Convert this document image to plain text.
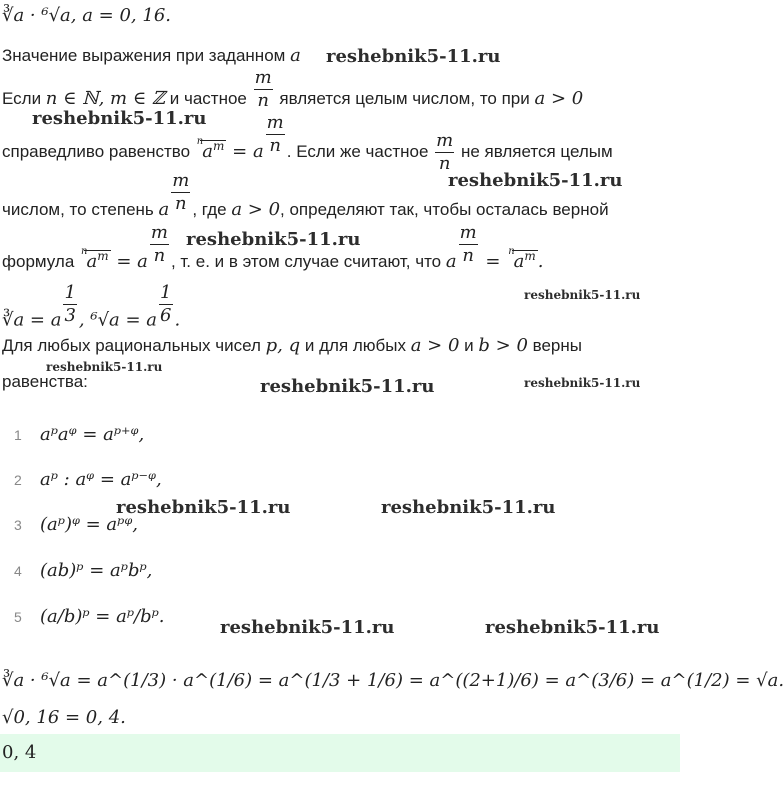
∛a · ⁶√a, a = 0, 16.
Значение выражения при заданном a
Если n ∈ ℕ, m ∈ ℤ и частное $\frac{m}{n}$ является целым числом, то при a > 0
справедливо равенство $^na^m = a \frac{m}{n}$ . Если же частное $\frac{m}{n}$ не является целым
числом, то степень a $\frac{m}{n}$ , где a > 0, определяют так, чтобы осталась верной
формула $^na^m = a \frac{m}{n}$ , т. е. и в этом случае считают, что a $\frac{m}{n} = ^na^m$ .
∛a = a $\frac{1}{3}$ , ⁶√a = a $\frac{1}{6}$ .
Для любых рациональных чисел p, q и для любых a > 0 и b > 0 верны
равенства:
1 aᵖaᵠ = aᵖ⁺ᵠ,
2 aᵖ : aᵠ = aᵖ⁻ᵠ,
3 (aᵖ)ᵠ = aᵖᵠ,
4 (ab)ᵖ = aᵖbᵖ,
5 (a/b)ᵖ = aᵖ/bᵖ.
∛a · ⁶√a = a^(1/3) · a^(1/6) = a^(1/3 + 1/6) = a^((2+1)/6) = a^(3/6) = a^(1/2) = √a.
√0, 16 = 0, 4.
0, 4
reshebnik5-11.ru
reshebnik5-11.ru
reshebnik5-11.ru
reshebnik5-11.ru
reshebnik5-11.ru
reshebnik5-11.ru
reshebnik5-11.ru	reshebnik5-11.ru
reshebnik5-11.ru	reshebnik5-11.ru
reshebnik5-11.ru	reshebnik5-11.ru
